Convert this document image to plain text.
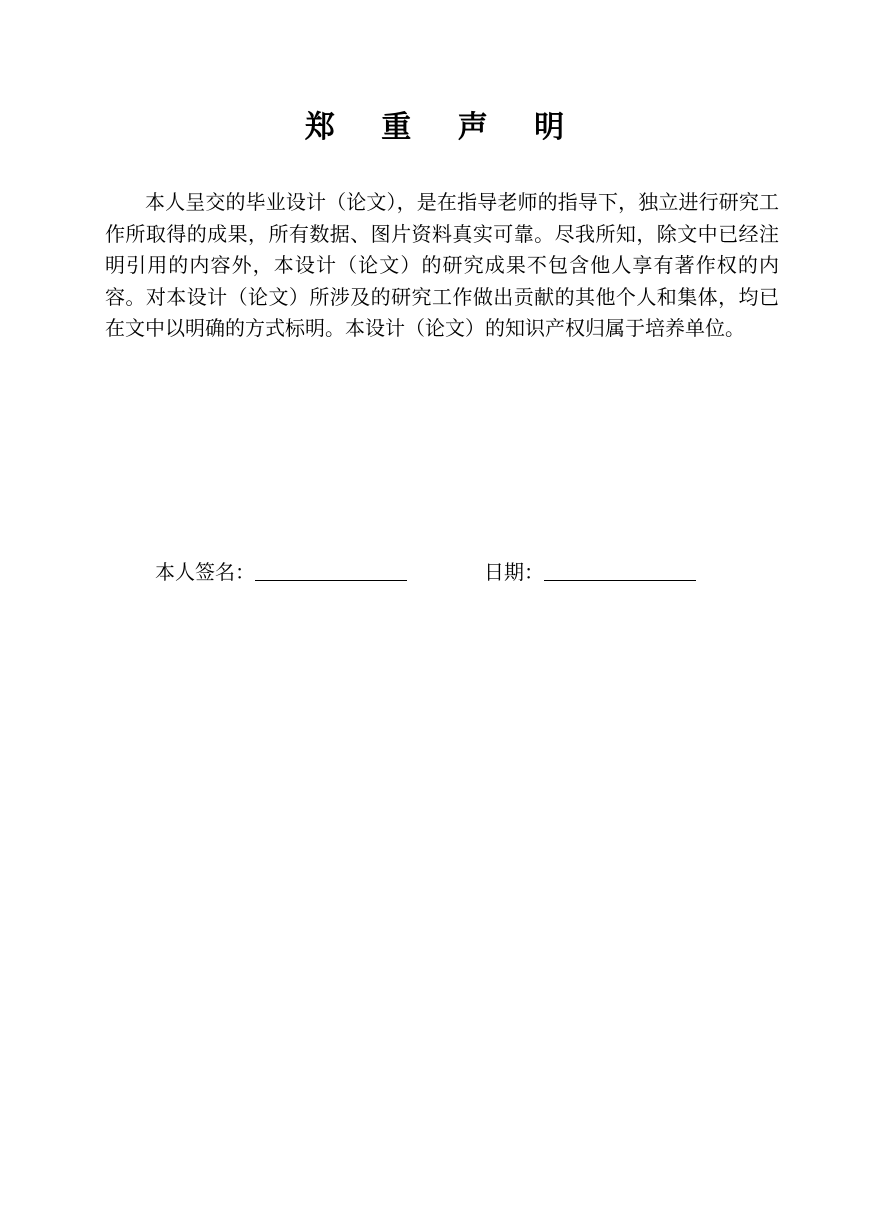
郑 重 声 明

本人呈交的毕业设计（论文），是在指导老师的指导下，独立进行研究工作所取得的成果，所有数据、图片资料真实可靠。尽我所知，除文中已经注明引用的内容外，本设计（论文）的研究成果不包含他人享有著作权的内容。对本设计（论文）所涉及的研究工作做出贡献的其他个人和集体，均已在文中以明确的方式标明。本设计（论文）的知识产权归属于培养单位。

本人签名：	日期：
